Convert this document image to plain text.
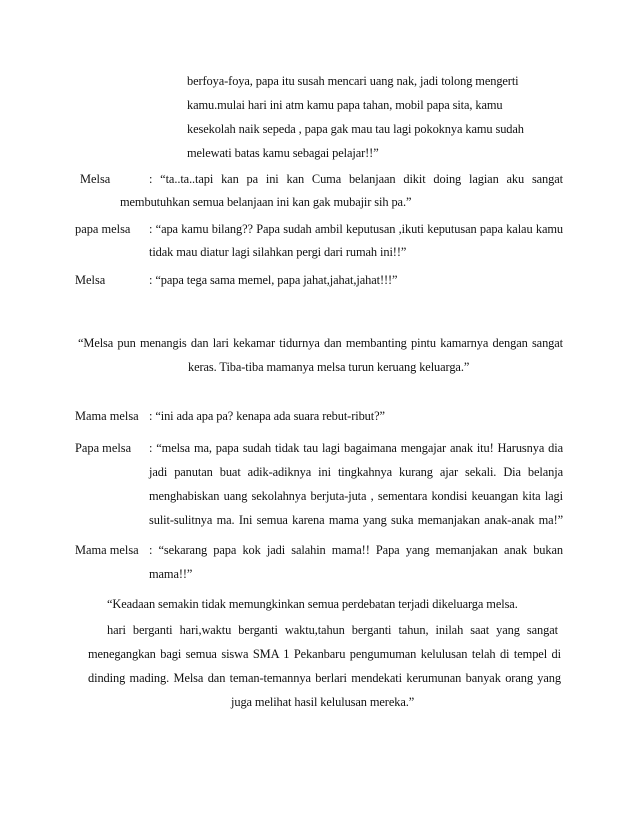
berfoya-foya, papa itu susah mencari uang nak, jadi tolong mengerti
kamu.mulai hari ini atm kamu papa tahan, mobil papa sita, kamu
kesekolah naik sepeda , papa gak mau tau lagi pokoknya kamu sudah
melewati batas kamu sebagai pelajar!!”
Melsa	: “ta..ta..tapi kan pa ini kan Cuma belanjaan dikit doing lagian aku sangat
membutuhkan semua belanjaan ini kan gak mubajir sih pa.”
papa melsa : “apa kamu bilang?? Papa sudah ambil keputusan ,ikuti keputusan papa kalau kamu
tidak mau diatur lagi silahkan pergi dari rumah ini!!”
Melsa	: “papa tega sama memel, papa jahat,jahat,jahat!!!”
“Melsa pun menangis dan lari kekamar tidurnya dan membanting pintu kamarnya dengan sangat
keras. Tiba-tiba mamanya melsa turun keruang keluarga.”
Mama melsa : “ini ada apa pa? kenapa ada suara rebut-ribut?”
Papa melsa : “melsa ma, papa sudah tidak tau lagi bagaimana mengajar anak itu! Harusnya dia
jadi panutan buat adik-adiknya ini tingkahnya kurang ajar sekali. Dia belanja
menghabiskan uang sekolahnya berjuta-juta , sementara kondisi keuangan kita lagi
sulit-sulitnya ma. Ini semua karena mama yang suka memanjakan anak-anak ma!”
Mama melsa : “sekarang papa kok jadi salahin mama!! Papa yang memanjakan anak bukan
mama!!”
“Keadaan semakin tidak memungkinkan semua perdebatan terjadi dikeluarga melsa.
hari berganti hari,waktu berganti waktu,tahun berganti tahun, inilah saat yang sangat
menegangkan bagi semua siswa SMA 1 Pekanbaru pengumuman kelulusan telah di tempel di
dinding mading. Melsa dan teman-temannya berlari mendekati kerumunan banyak orang yang
juga melihat hasil kelulusan mereka.”
